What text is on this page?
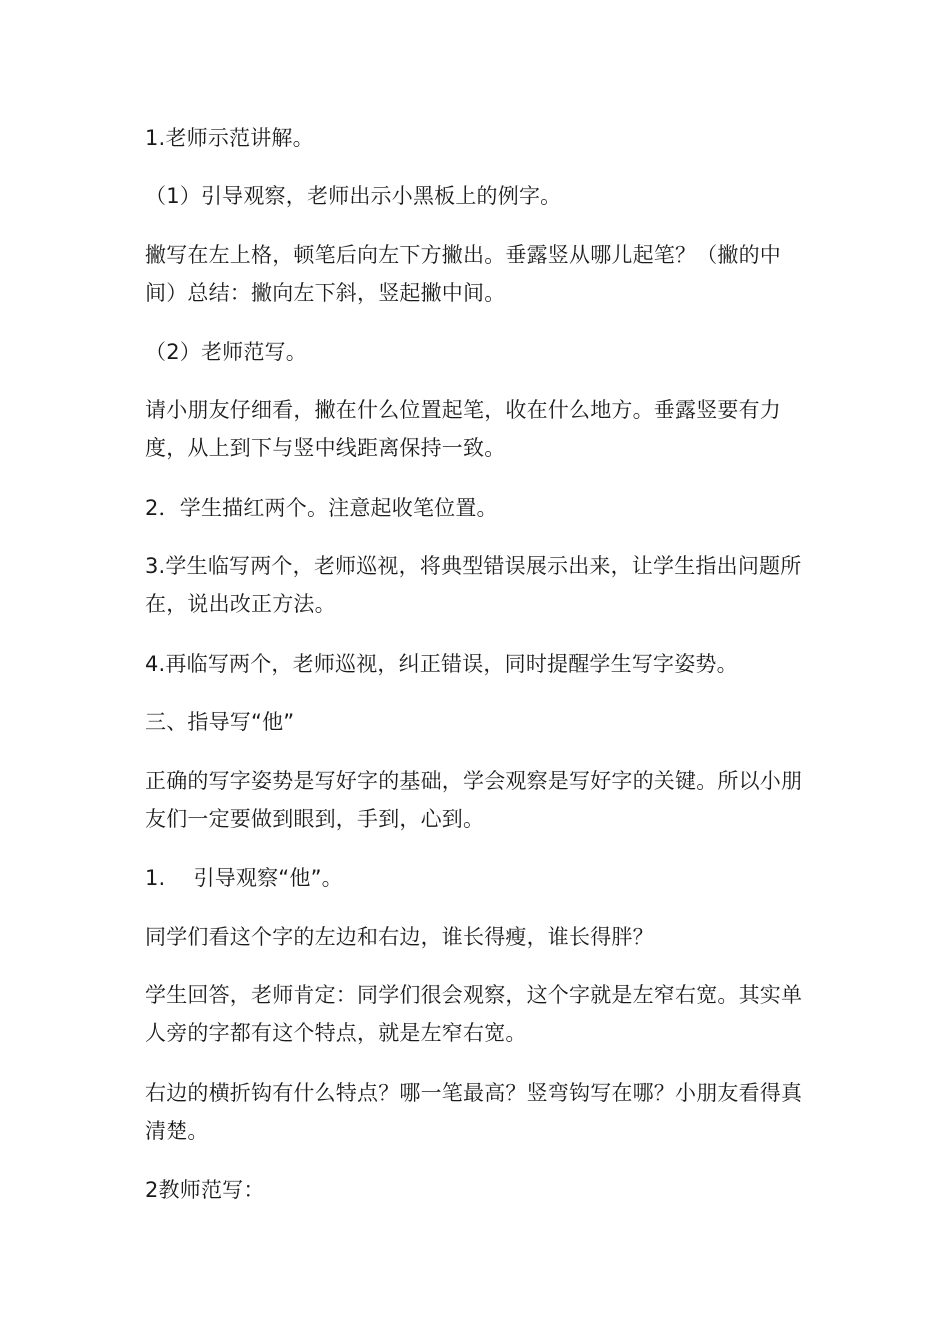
1.老师示范讲解。

（1）引导观察，老师出示小黑板上的例字。

撇写在左上格，顿笔后向左下方撇出。垂露竖从哪儿起笔？（撇的中间）总结：撇向左下斜，竖起撇中间。

（2）老师范写。

请小朋友仔细看，撇在什么位置起笔，收在什么地方。垂露竖要有力度，从上到下与竖中线距离保持一致。

2．学生描红两个。注意起收笔位置。

3.学生临写两个，老师巡视，将典型错误展示出来，让学生指出问题所在，说出改正方法。

4.再临写两个，老师巡视，纠正错误，同时提醒学生写字姿势。

三、指导写“他”

正确的写字姿势是写好字的基础，学会观察是写好字的关键。所以小朋友们一定要做到眼到，手到，心到。

1.　 引导观察“他”。

同学们看这个字的左边和右边，谁长得瘦，谁长得胖？

学生回答，老师肯定：同学们很会观察，这个字就是左窄右宽。其实单人旁的字都有这个特点，就是左窄右宽。

右边的横折钩有什么特点？哪一笔最高？竖弯钩写在哪？小朋友看得真清楚。

2教师范写：
